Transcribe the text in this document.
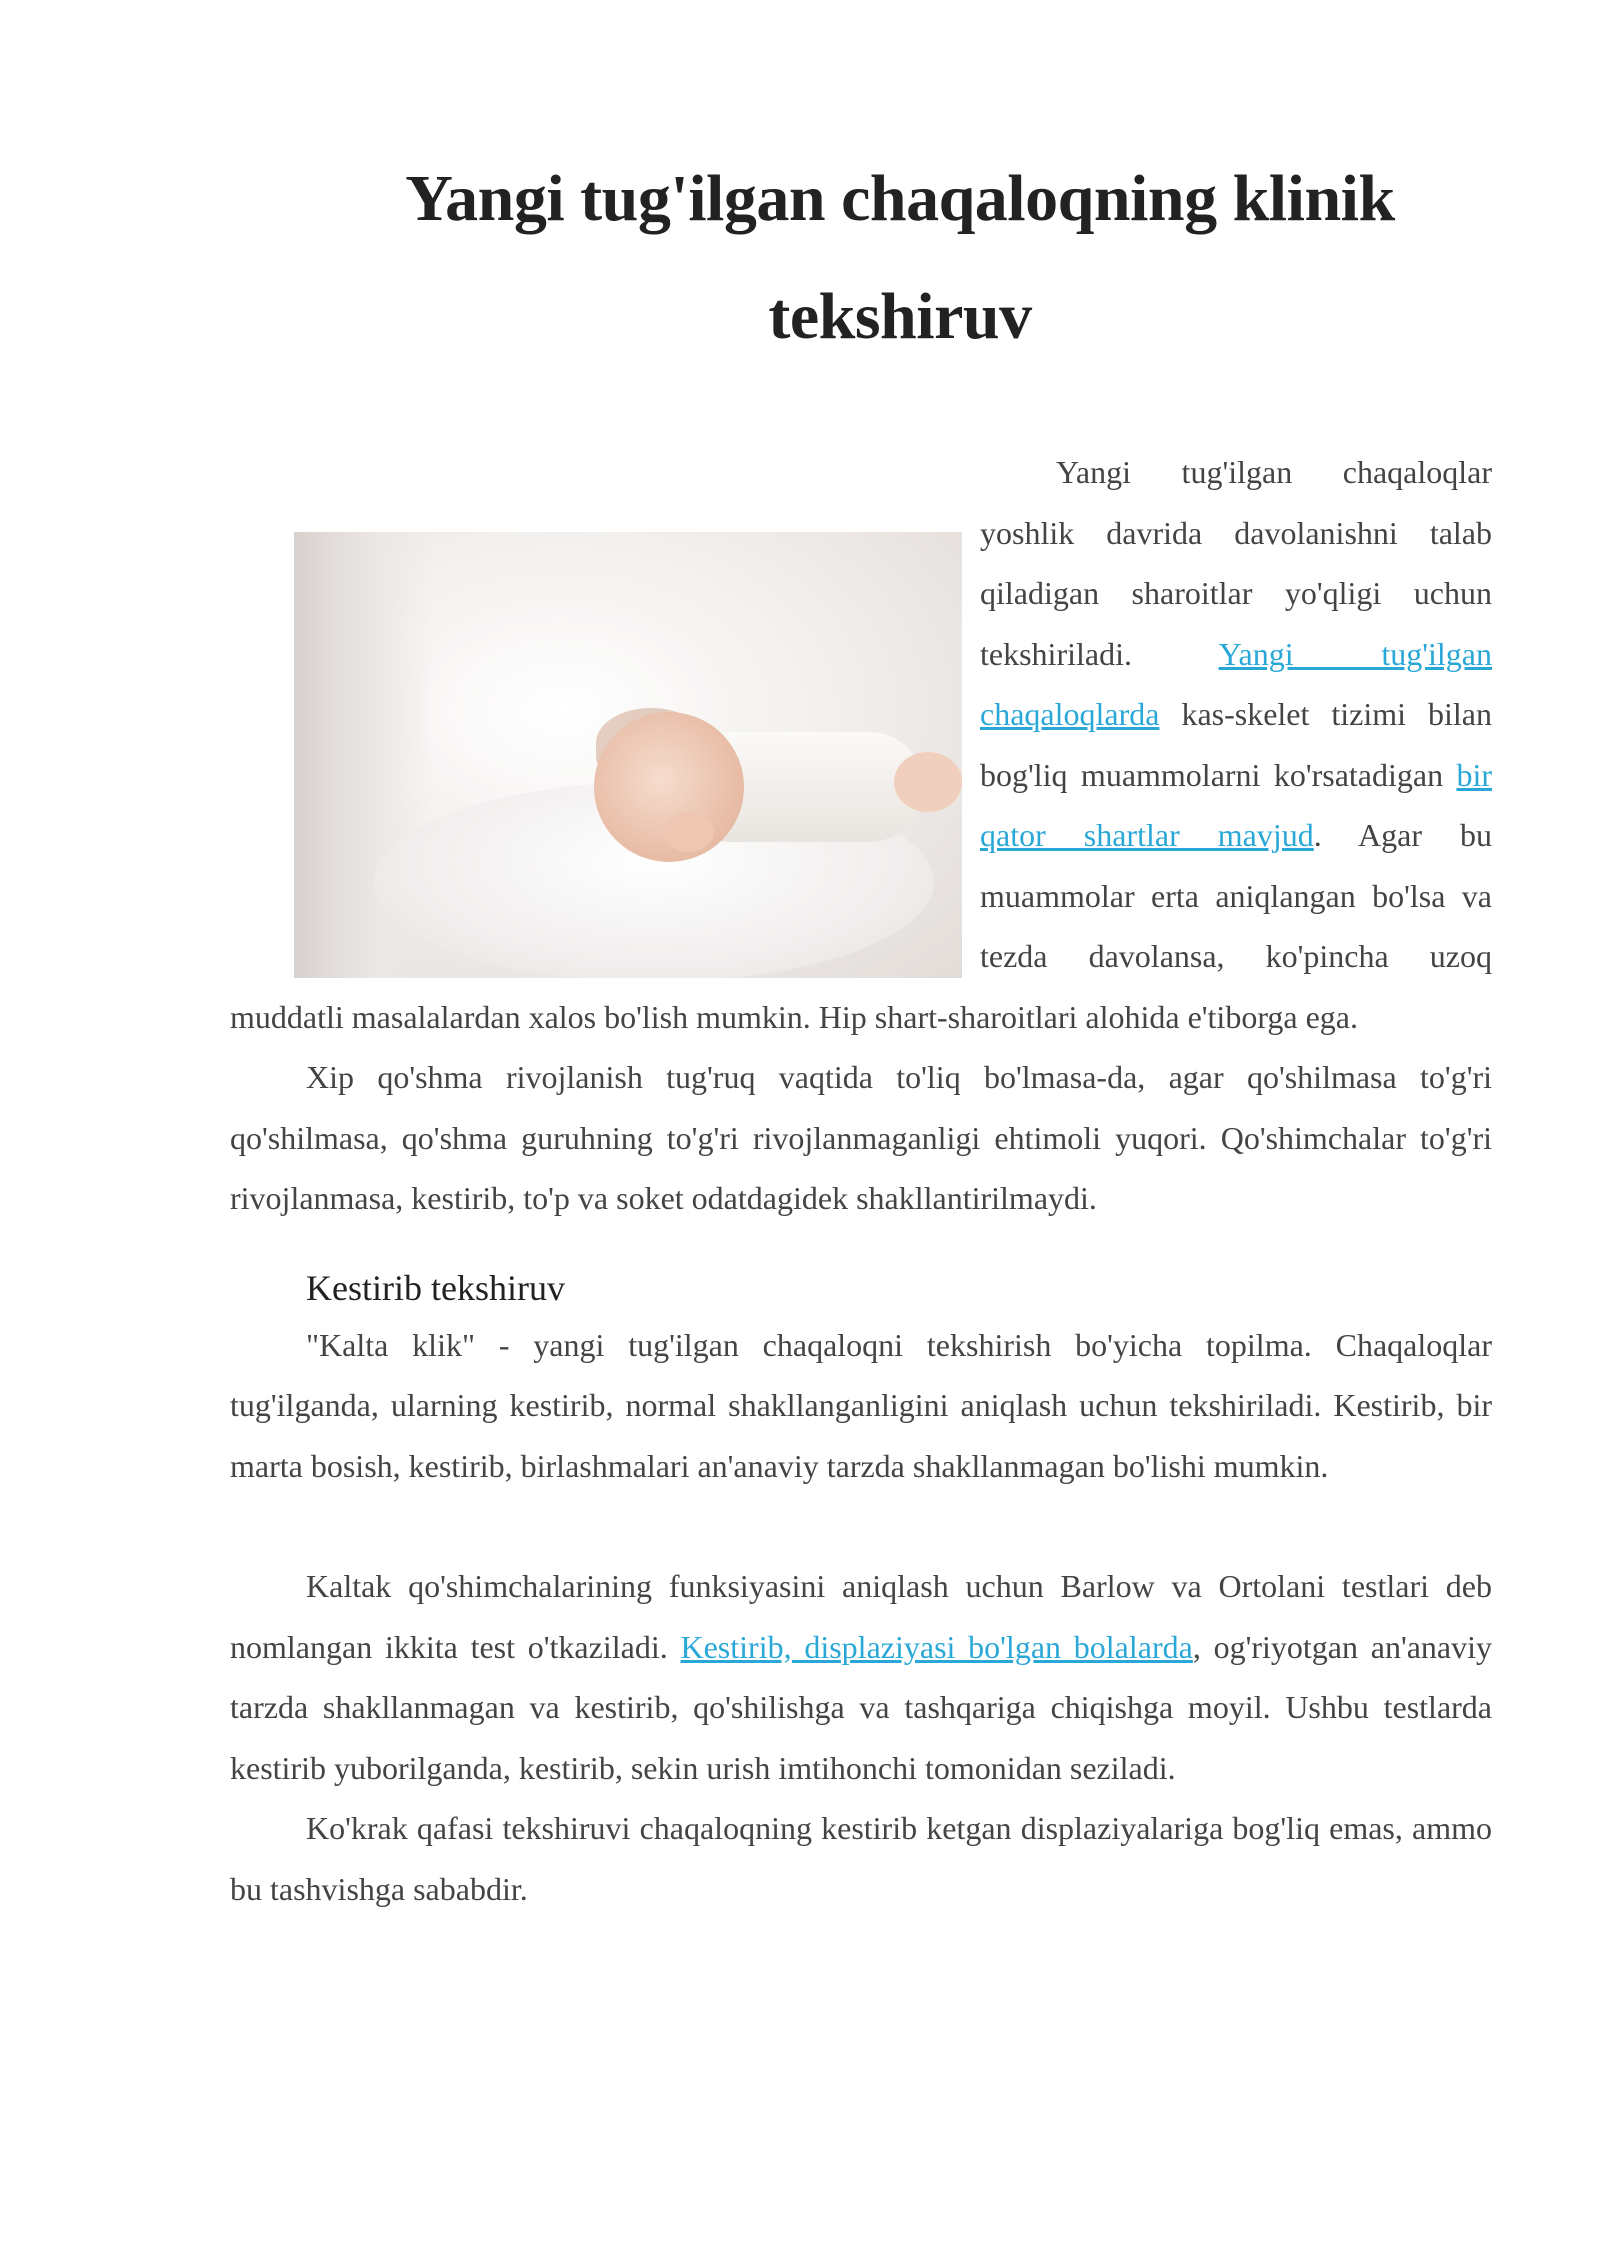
Yangi tug'ilgan chaqaloqning klinik tekshiruv

Yangi tug'ilgan chaqaloqlar yoshlik davrida davolanishni talab qiladigan sharoitlar yo'qligi uchun tekshiriladi.	Yangi tug'ilgan chaqaloqlarda kas-skelet tizimi bilan bog'liq muammolarni ko'rsatadigan bir qator shartlar mavjud. Agar bu muammolar erta aniqlangan bo'lsa va tezda davolansa, ko'pincha uzoq muddatli masalalardan xalos bo'lish mumkin. Hip shart-sharoitlari alohida e'tiborga ega.

Xip qo'shma rivojlanish tug'ruq vaqtida to'liq bo'lmasa-da, agar qo'shilmasa to'g'ri qo'shilmasa, qo'shma guruhning to'g'ri rivojlanmaganligi ehtimoli yuqori. Qo'shimchalar to'g'ri rivojlanmasa, kestirib, to'p va soket odatdagidek shakllantirilmaydi.

Kestirib tekshiruv

"Kalta klik" - yangi tug'ilgan chaqaloqni tekshirish bo'yicha topilma. Chaqaloqlar tug'ilganda, ularning kestirib, normal shakllanganligini aniqlash uchun tekshiriladi. Kestirib, bir marta bosish, kestirib, birlashmalari an'anaviy tarzda shakllanmagan bo'lishi mumkin.

Kaltak qo'shimchalarining funksiyasini aniqlash uchun Barlow va Ortolani testlari deb nomlangan ikkita test o'tkaziladi. Kestirib, displaziyasi bo'lgan bolalarda, og'riyotgan an'anaviy tarzda shakllanmagan va kestirib, qo'shilishga va tashqariga chiqishga moyil. Ushbu testlarda kestirib yuborilganda, kestirib, sekin urish imtihonchi tomonidan seziladi.

Ko'krak qafasi tekshiruvi chaqaloqning kestirib ketgan displaziyalariga bog'liq emas, ammo bu tashvishga sababdir.
